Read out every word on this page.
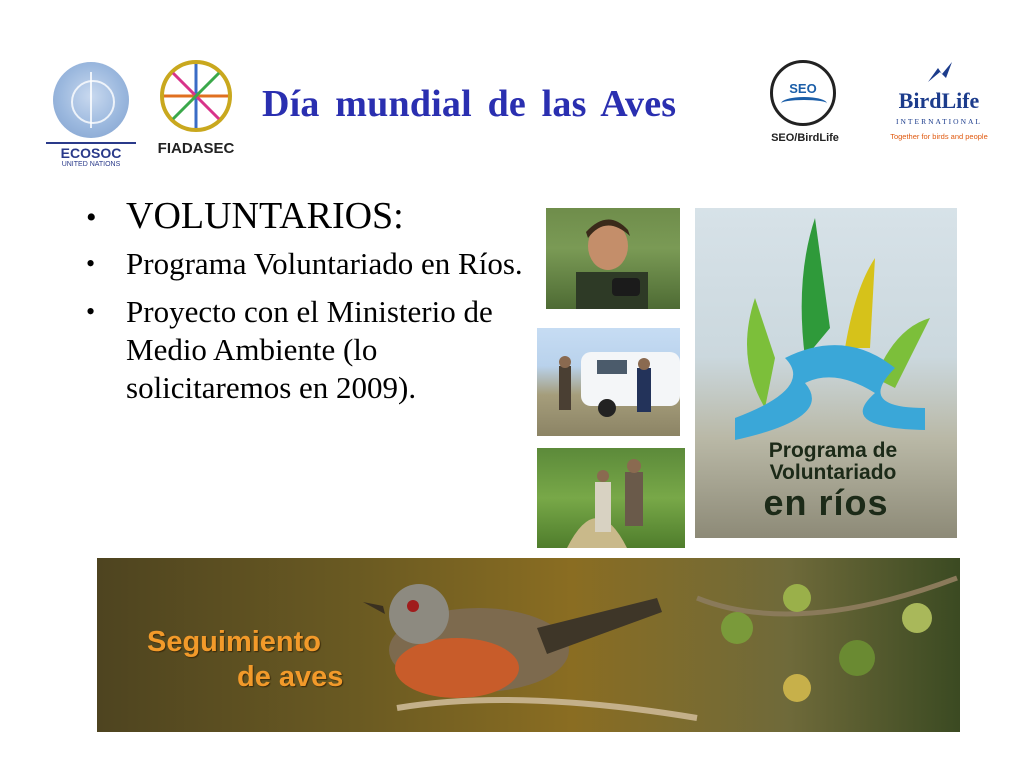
ECOSOC
UNITED NATIONS
FIADASEC
Día mundial de las Aves	SEO
SEO/BirdLife
BirdLife
INTERNATIONAL
Together for birds and people
• VOLUNTARIOS:
• Programa Voluntariado en Ríos.
• Proyecto con el Ministerio de Medio Ambiente (lo solicitaremos en 2009).
Programa de Voluntariado
en ríos
Seguimiento
de aves
